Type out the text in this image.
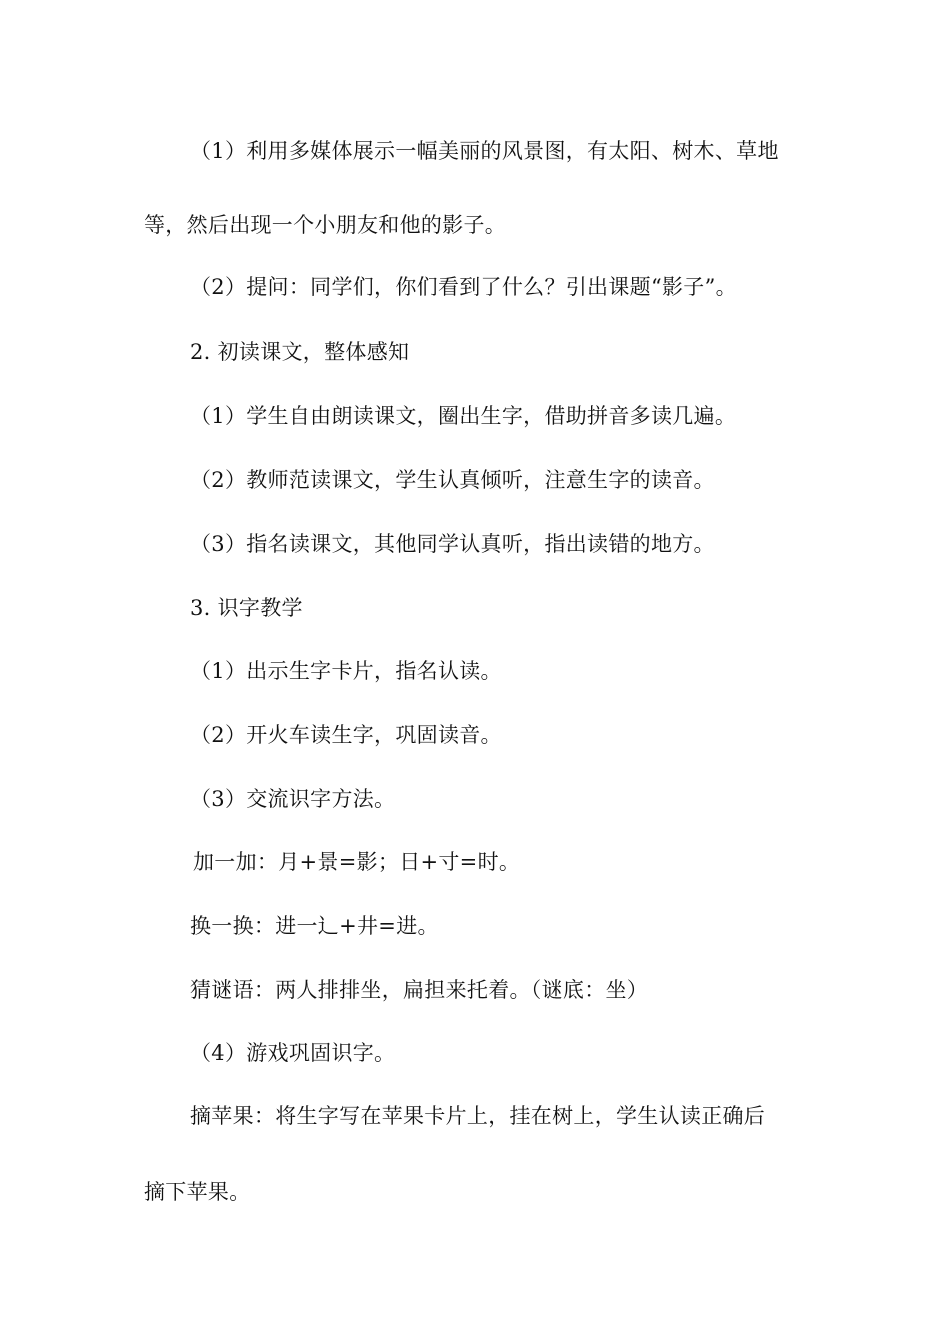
（1）利用多媒体展示一幅美丽的风景图，有太阳、树木、草地
等，然后出现一个小朋友和他的影子。
（2）提问：同学们，你们看到了什么？引出课题“影子”。
2. 初读课文，整体感知
（1）学生自由朗读课文，圈出生字，借助拼音多读几遍。
（2）教师范读课文，学生认真倾听，注意生字的读音。
（3）指名读课文，其他同学认真听，指出读错的地方。
3. 识字教学
（1）出示生字卡片，指名认读。
（2）开火车读生字，巩固读音。
（3）交流识字方法。
加一加：月+景=影；日+寸=时。
换一换：进一辶+井=进。
猜谜语：两人排排坐，扁担来托着。（谜底：坐）
（4）游戏巩固识字。
摘苹果：将生字写在苹果卡片上，挂在树上，学生认读正确后
摘下苹果。
